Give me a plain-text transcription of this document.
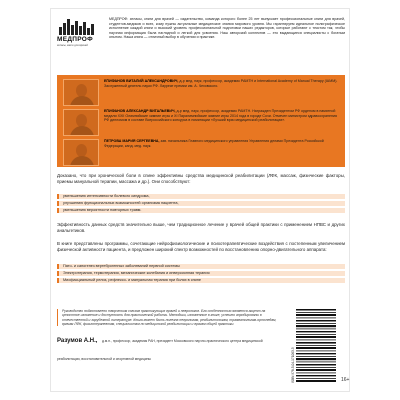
МЕДПРОФ
атласы, книги для врачей
МЕДПРОФ: атласы, книги для врачей — издательство, команда которого более 25 лет выпускает профессиональные книги для врачей, студентов-медиков и всех, кому нужны актуальные медицинские знания мирового уровня. Мы гарантируем идеальное полиграфическое исполнение каждой книги и высокий уровень профессиональной подготовки наших редакторов, которые работают с текстом так, чтобы научная информация была наглядной и легкой для усвоения. Наш авторский коллектив — это выдающиеся специалисты с богатым опытом. Наша книга — отличный выбор в обучении и практике.
ЕПИФАНОВ ВИТАЛИЙ АЛЕКСАНДРОВИЧ, д-р мед. наук, профессор, академик РАМТН и International Academy of Manual Therapy (IAMM). Заслуженный деятель науки РФ. Лауреат премии им. А. Чеховского.
ЕПИФАНОВ АЛЕКСАНДР ВИТАЛЬЕВИЧ, д-р мед. наук, профессор, академик РАМТН. Награжден Президентом РФ орденом в памятной медали XXII Олимпийские зимние игры и XI Паралимпийские зимние игры 2014 года в городе Сочи. Отмечен министром здравоохранения РФ дипломом в составе Всероссийского конкурса в номинации «Лучший врач медицинской реабилитации».
ПЕТРОВА МАРИЯ СЕРГЕЕВНА, зав. начальника Главного медицинского управления Управления делами Президента Российской Федерации, канд. мед. наук.
Доказано, что при хронической боли в спине эффективны средства медицинской реабилитации (ЛФК, массаж, физические факторы, приемы мануальной терапии, массажа и др.). Они способствуют:
уменьшению интенсивности болевого синдрома,
улучшению функциональных возможностей организма пациента,
уменьшению вероятности повторных травм.
Эффективность данных средств значительно выше, чем традиционное лечение у врачей общей практики с применением НПВС и других анальгетиков.
В книге представлены программы, сочетающие нейрофизиологические и психотерапевтические воздействия с постепенным увеличением физической активности пациента, и предложен широкий спектр возможностей по восстановлению опорно-двигательного аппарата:
Пато- и саногенез вертеброгенных заболеваний нервной системы
Электротерапия, термотерапия, механические колебания и инверсионная терапия
Миофасциальный релиз, рефлексо- и мануальная терапия при болях в спине
Руководство подготовлено творческим союзом практикующих врачей и неврологов. Его особенностью является акцент на целостное изложение и доступность для практической работы. Методики, изложенные в книге, успешно апробированы в отечественной и зарубежной литературе. Книга может быть полезна неврологам, реабилитологам, травматологам-ортопедам, врачам ЛФК, физиотерапевтам, специалистам по медицинской реабилитации и врачам общей практики.
Разумов А.Н., д.м.н., профессор, академик РАН, президент Московского научно-практического центра медицинской реабилитации, восстановительной и спортивной медицины	ISBN 978-5-04-171063-5	16+
